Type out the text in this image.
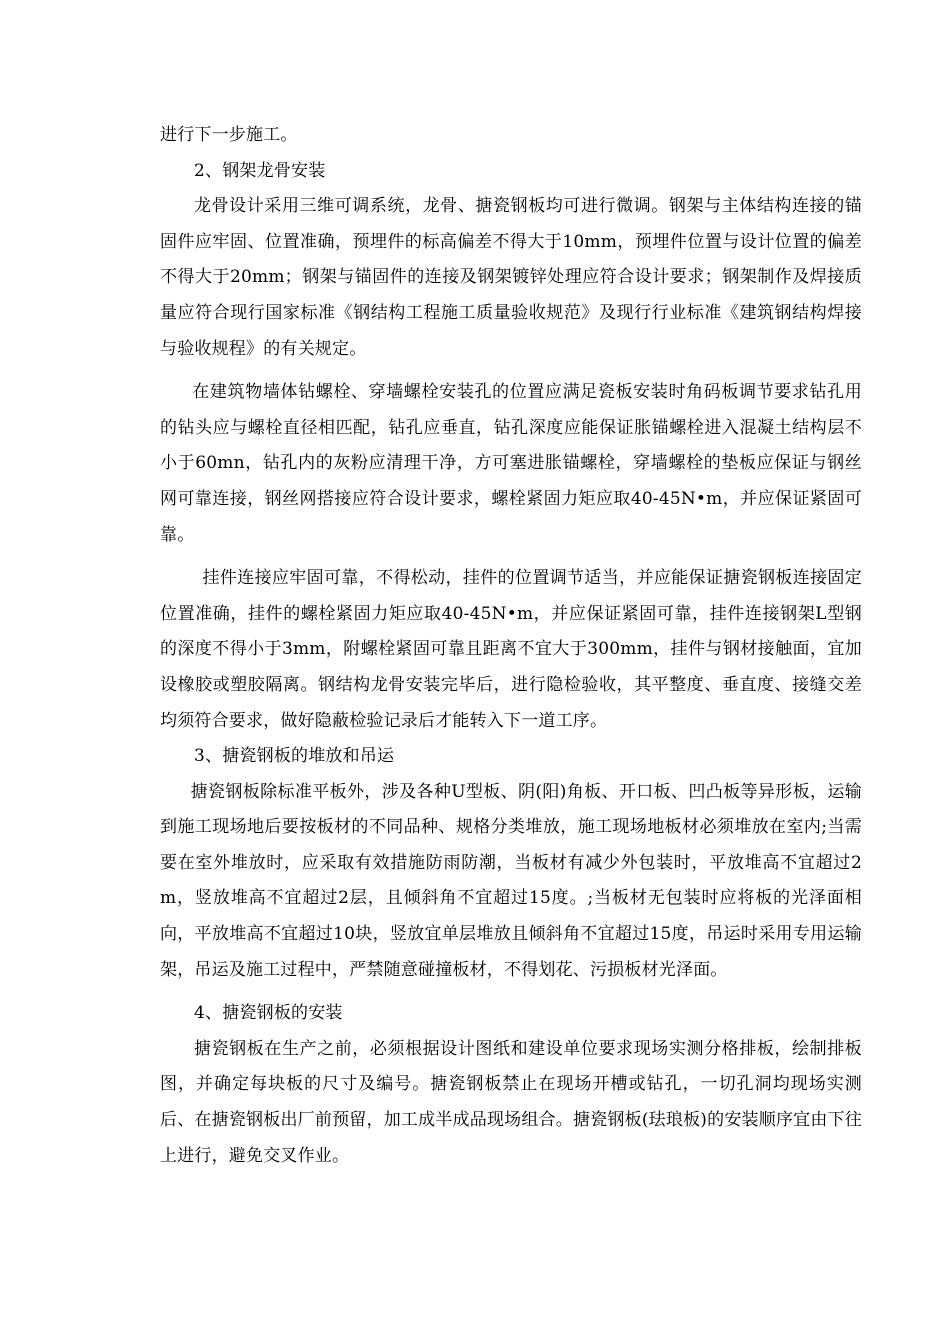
进行下一步施工。

2、钢架龙骨安装

龙骨设计采用三维可调系统，龙骨、搪瓷钢板均可进行微调。钢架与主体结构连接的锚固件应牢固、位置准确，预埋件的标高偏差不得大于10mm，预埋件位置与设计位置的偏差不得大于20mm；钢架与锚固件的连接及钢架镀锌处理应符合设计要求；钢架制作及焊接质量应符合现行国家标准《钢结构工程施工质量验收规范》及现行行业标准《建筑钢结构焊接与验收规程》的有关规定。

在建筑物墙体钻螺栓、穿墙螺栓安装孔的位置应满足瓷板安装时角码板调节要求钻孔用的钻头应与螺栓直径相匹配，钻孔应垂直，钻孔深度应能保证胀锚螺栓进入混凝土结构层不小于60mn，钻孔内的灰粉应清理干净，方可塞进胀锚螺栓，穿墙螺栓的垫板应保证与钢丝网可靠连接，钢丝网搭接应符合设计要求，螺栓紧固力矩应取40-45N•m，并应保证紧固可靠。

挂件连接应牢固可靠，不得松动，挂件的位置调节适当，并应能保证搪瓷钢板连接固定位置准确，挂件的螺栓紧固力矩应取40-45N•m，并应保证紧固可靠，挂件连接钢架L型钢的深度不得小于3mm，附螺栓紧固可靠且距离不宜大于300mm，挂件与钢材接触面，宜加设橡胶或塑胶隔离。钢结构龙骨安装完毕后，进行隐检验收，其平整度、垂直度、接缝交差均须符合要求，做好隐蔽检验记录后才能转入下一道工序。

3、搪瓷钢板的堆放和吊运

搪瓷钢板除标准平板外，涉及各种U型板、阴(阳)角板、开口板、凹凸板等异形板，运输到施工现场地后要按板材的不同品种、规格分类堆放，施工现场地板材必须堆放在室内;当需要在室外堆放时，应采取有效措施防雨防潮，当板材有减少外包装时，平放堆高不宜超过2m，竖放堆高不宜超过2层，且倾斜角不宜超过15度。;当板材无包装时应将板的光泽面相向，平放堆高不宜超过10块，竖放宜单层堆放且倾斜角不宜超过15度，吊运时采用专用运输架，吊运及施工过程中，严禁随意碰撞板材，不得划花、污损板材光泽面。

4、搪瓷钢板的安装

搪瓷钢板在生产之前，必须根据设计图纸和建设单位要求现场实测分格排板，绘制排板图，并确定每块板的尺寸及编号。搪瓷钢板禁止在现场开槽或钻孔，一切孔洞均现场实测后、在搪瓷钢板出厂前预留，加工成半成品现场组合。搪瓷钢板(珐琅板)的安装顺序宜由下往上进行，避免交叉作业。
